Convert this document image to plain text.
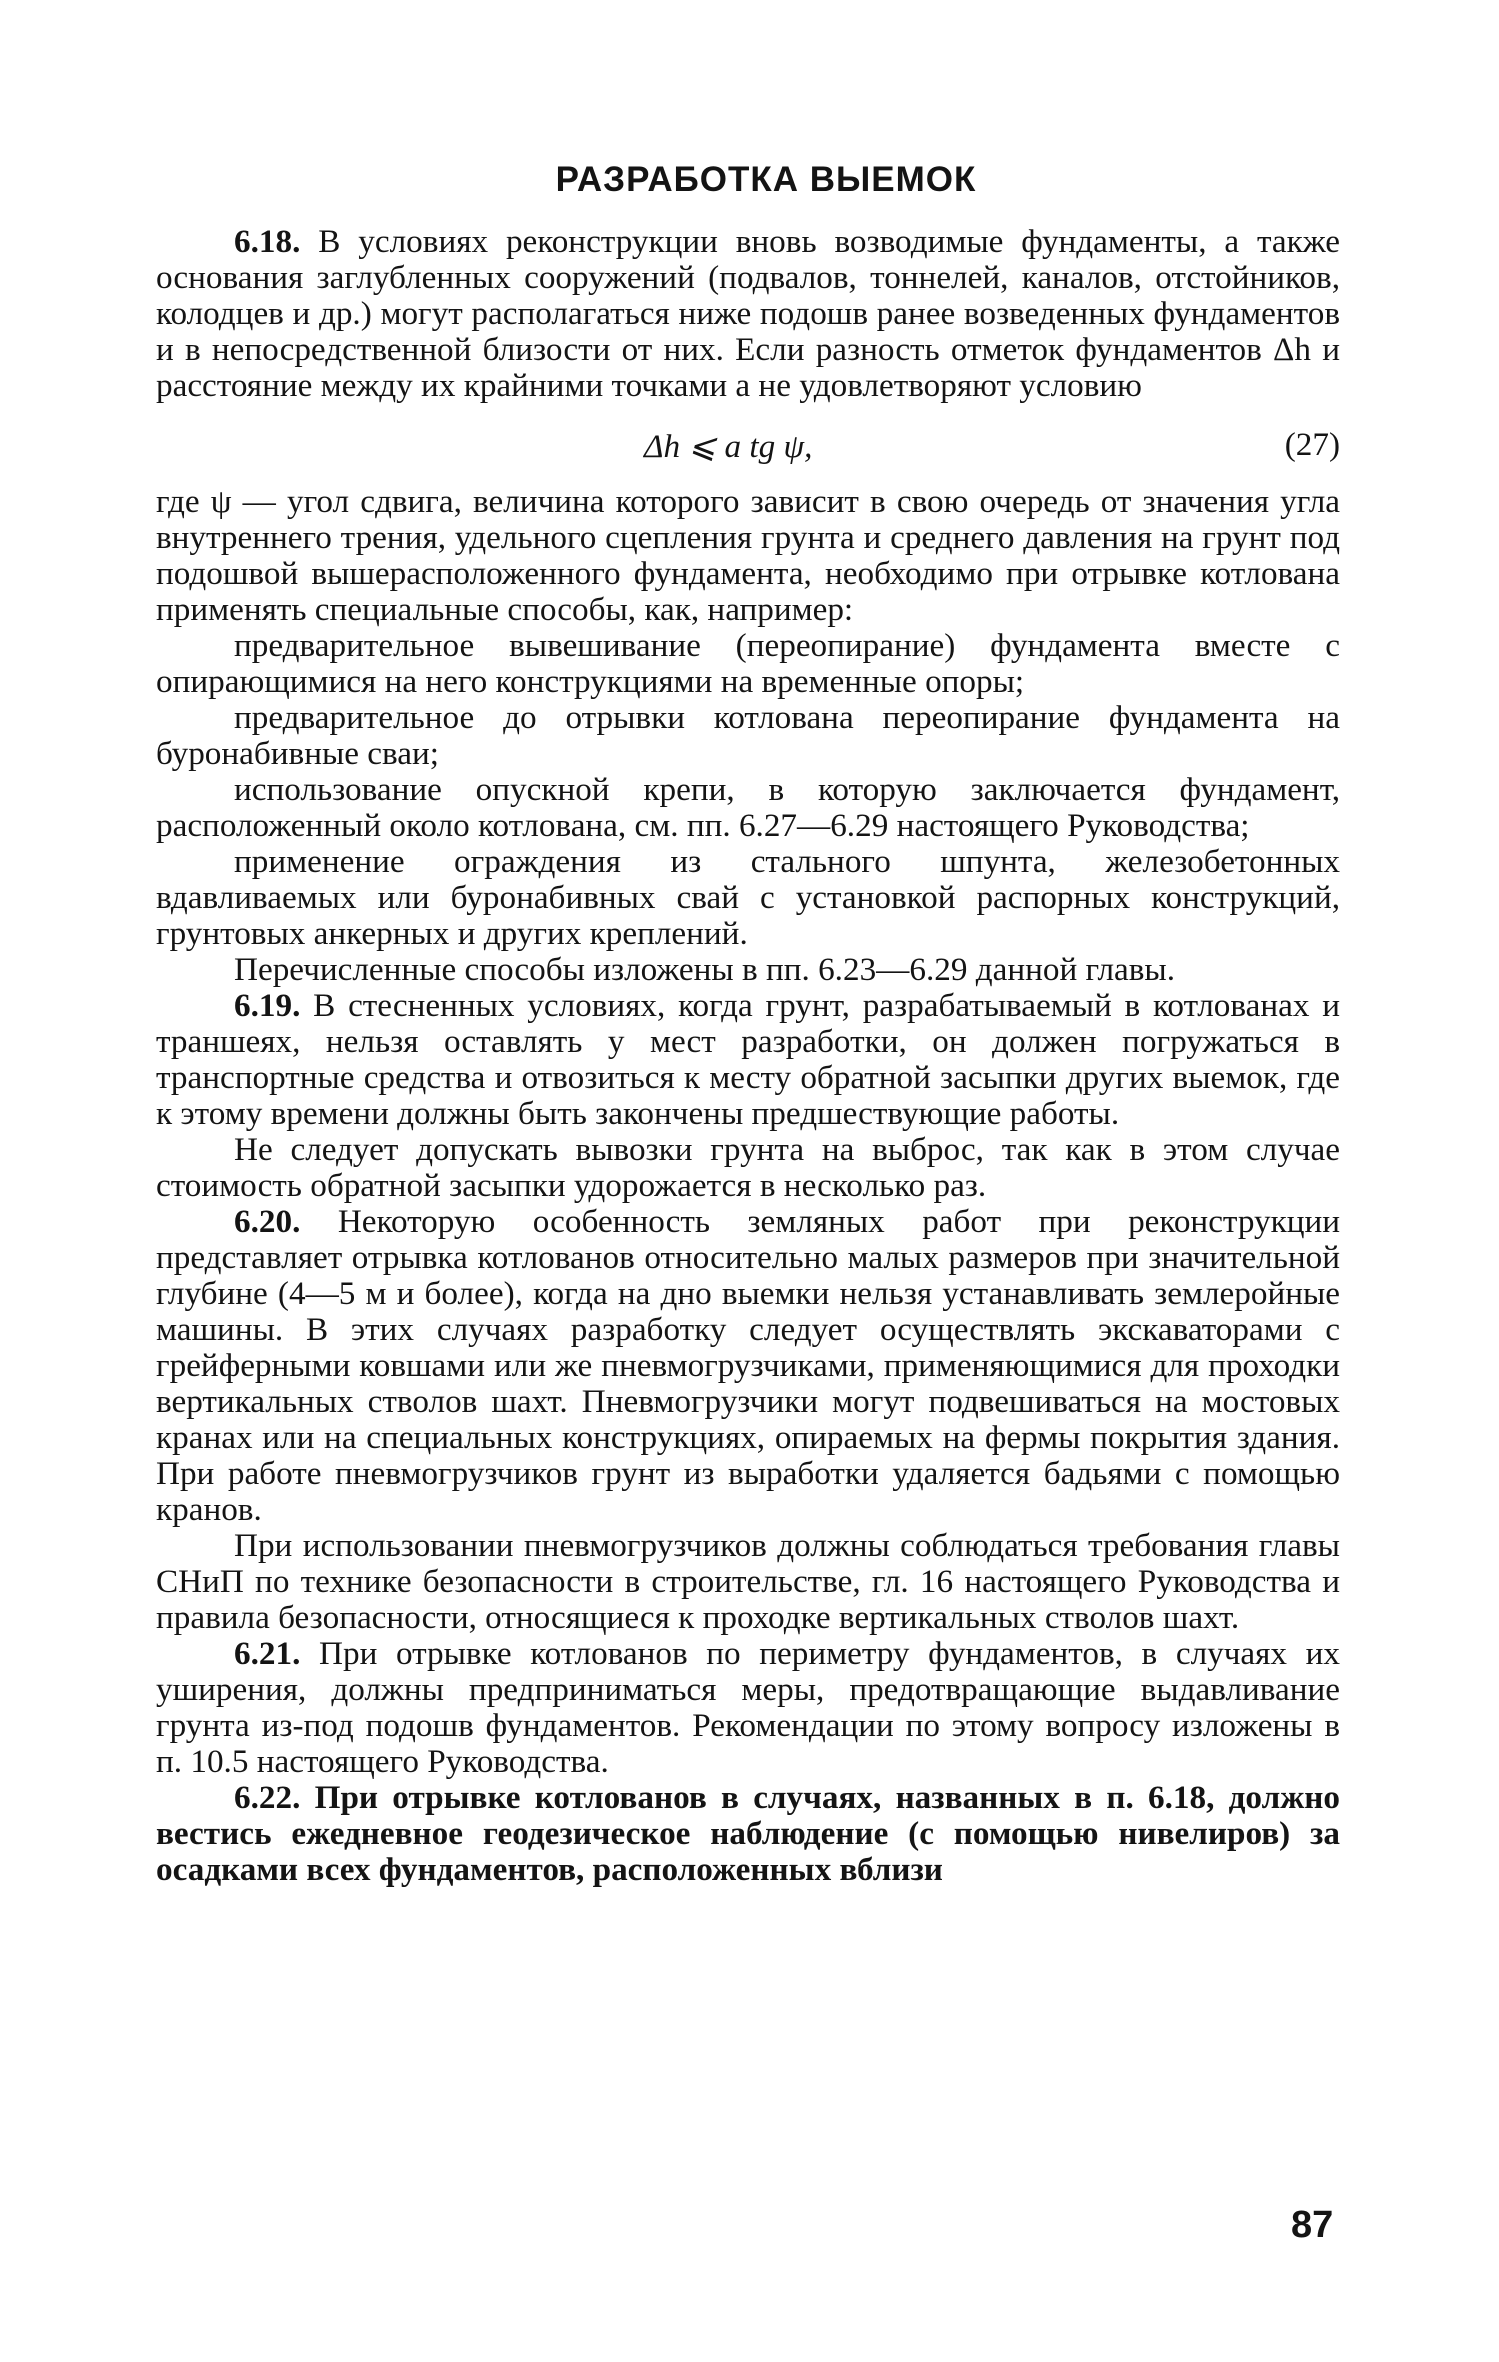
РАЗРАБОТКА ВЫЕМОК

6.18. В условиях реконструкции вновь возводимые фундаменты, а также основания заглубленных сооружений (подвалов, тоннелей, каналов, отстойников, колодцев и др.) могут располагаться ниже подошв ранее возведенных фундаментов и в непосредственной близости от них. Если разность отметок фундаментов Δh и расстояние между их крайними точками a не удовлетворяют условию

Δh ⩽ a tg ψ,	(27)

где ψ — угол сдвига, величина которого зависит в свою очередь от значения угла внутреннего трения, удельного сцепления грунта и среднего давления на грунт под подошвой вышерасположенного фундамента, необходимо при отрывке котлована применять специальные способы, как, например:

предварительное вывешивание (переопирание) фундамента вместе с опирающимися на него конструкциями на временные опоры;

предварительное до отрывки котлована переопирание фундамента на буронабивные сваи;

использование опускной крепи, в которую заключается фундамент, расположенный около котлована, см. пп. 6.27—6.29 настоящего Руководства;

применение ограждения из стального шпунта, железобетонных вдавливаемых или буронабивных свай с установкой распорных конструкций, грунтовых анкерных и других креплений.

Перечисленные способы изложены в пп. 6.23—6.29 данной главы.

6.19. В стесненных условиях, когда грунт, разрабатываемый в котлованах и траншеях, нельзя оставлять у мест разработки, он должен погружаться в транспортные средства и отвозиться к месту обратной засыпки других выемок, где к этому времени должны быть закончены предшествующие работы.

Не следует допускать вывозки грунта на выброс, так как в этом случае стоимость обратной засыпки удорожается в несколько раз.

6.20. Некоторую особенность земляных работ при реконструкции представляет отрывка котлованов относительно малых размеров при значительной глубине (4—5 м и более), когда на дно выемки нельзя устанавливать землеройные машины. В этих случаях разработку следует осуществлять экскаваторами с грейферными ковшами или же пневмогрузчиками, применяющимися для проходки вертикальных стволов шахт. Пневмогрузчики могут подвешиваться на мостовых кранах или на специальных конструкциях, опираемых на фермы покрытия здания. При работе пневмогрузчиков грунт из выработки удаляется бадьями с помощью кранов.

При использовании пневмогрузчиков должны соблюдаться требования главы СНиП по технике безопасности в строительстве, гл. 16 настоящего Руководства и правила безопасности, относящиеся к проходке вертикальных стволов шахт.

6.21. При отрывке котлованов по периметру фундаментов, в случаях их уширения, должны предприниматься меры, предотвращающие выдавливание грунта из-под подошв фундаментов. Рекомендации по этому вопросу изложены в п. 10.5 настоящего Руководства.

6.22. При отрывке котлованов в случаях, названных в п. 6.18, должно вестись ежедневное геодезическое наблюдение (с помощью нивелиров) за осадками всех фундаментов, расположенных вблизи

87
